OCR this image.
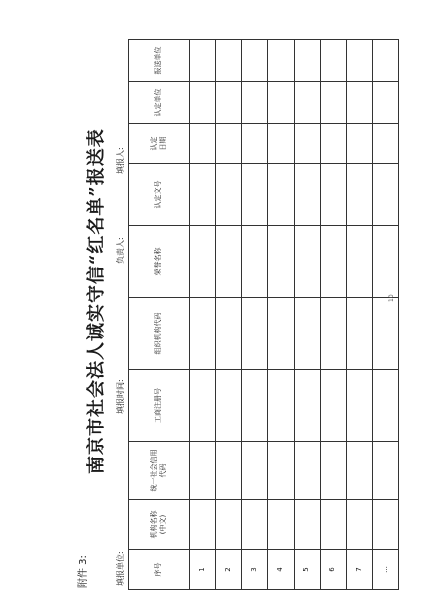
附件 3:
南京市社会法人诚实守信“红名单”报送表
填报单位:
填报时间:
负责人:
填报人:
序号	机构名称 (中文)	统一社会信用 代码	工商注册号	组织机构代码	荣誉名称	认定文号	认定 日期	认定单位	报送单位
1									
2									
3									
4									
5									
6									
7									
...									
10
